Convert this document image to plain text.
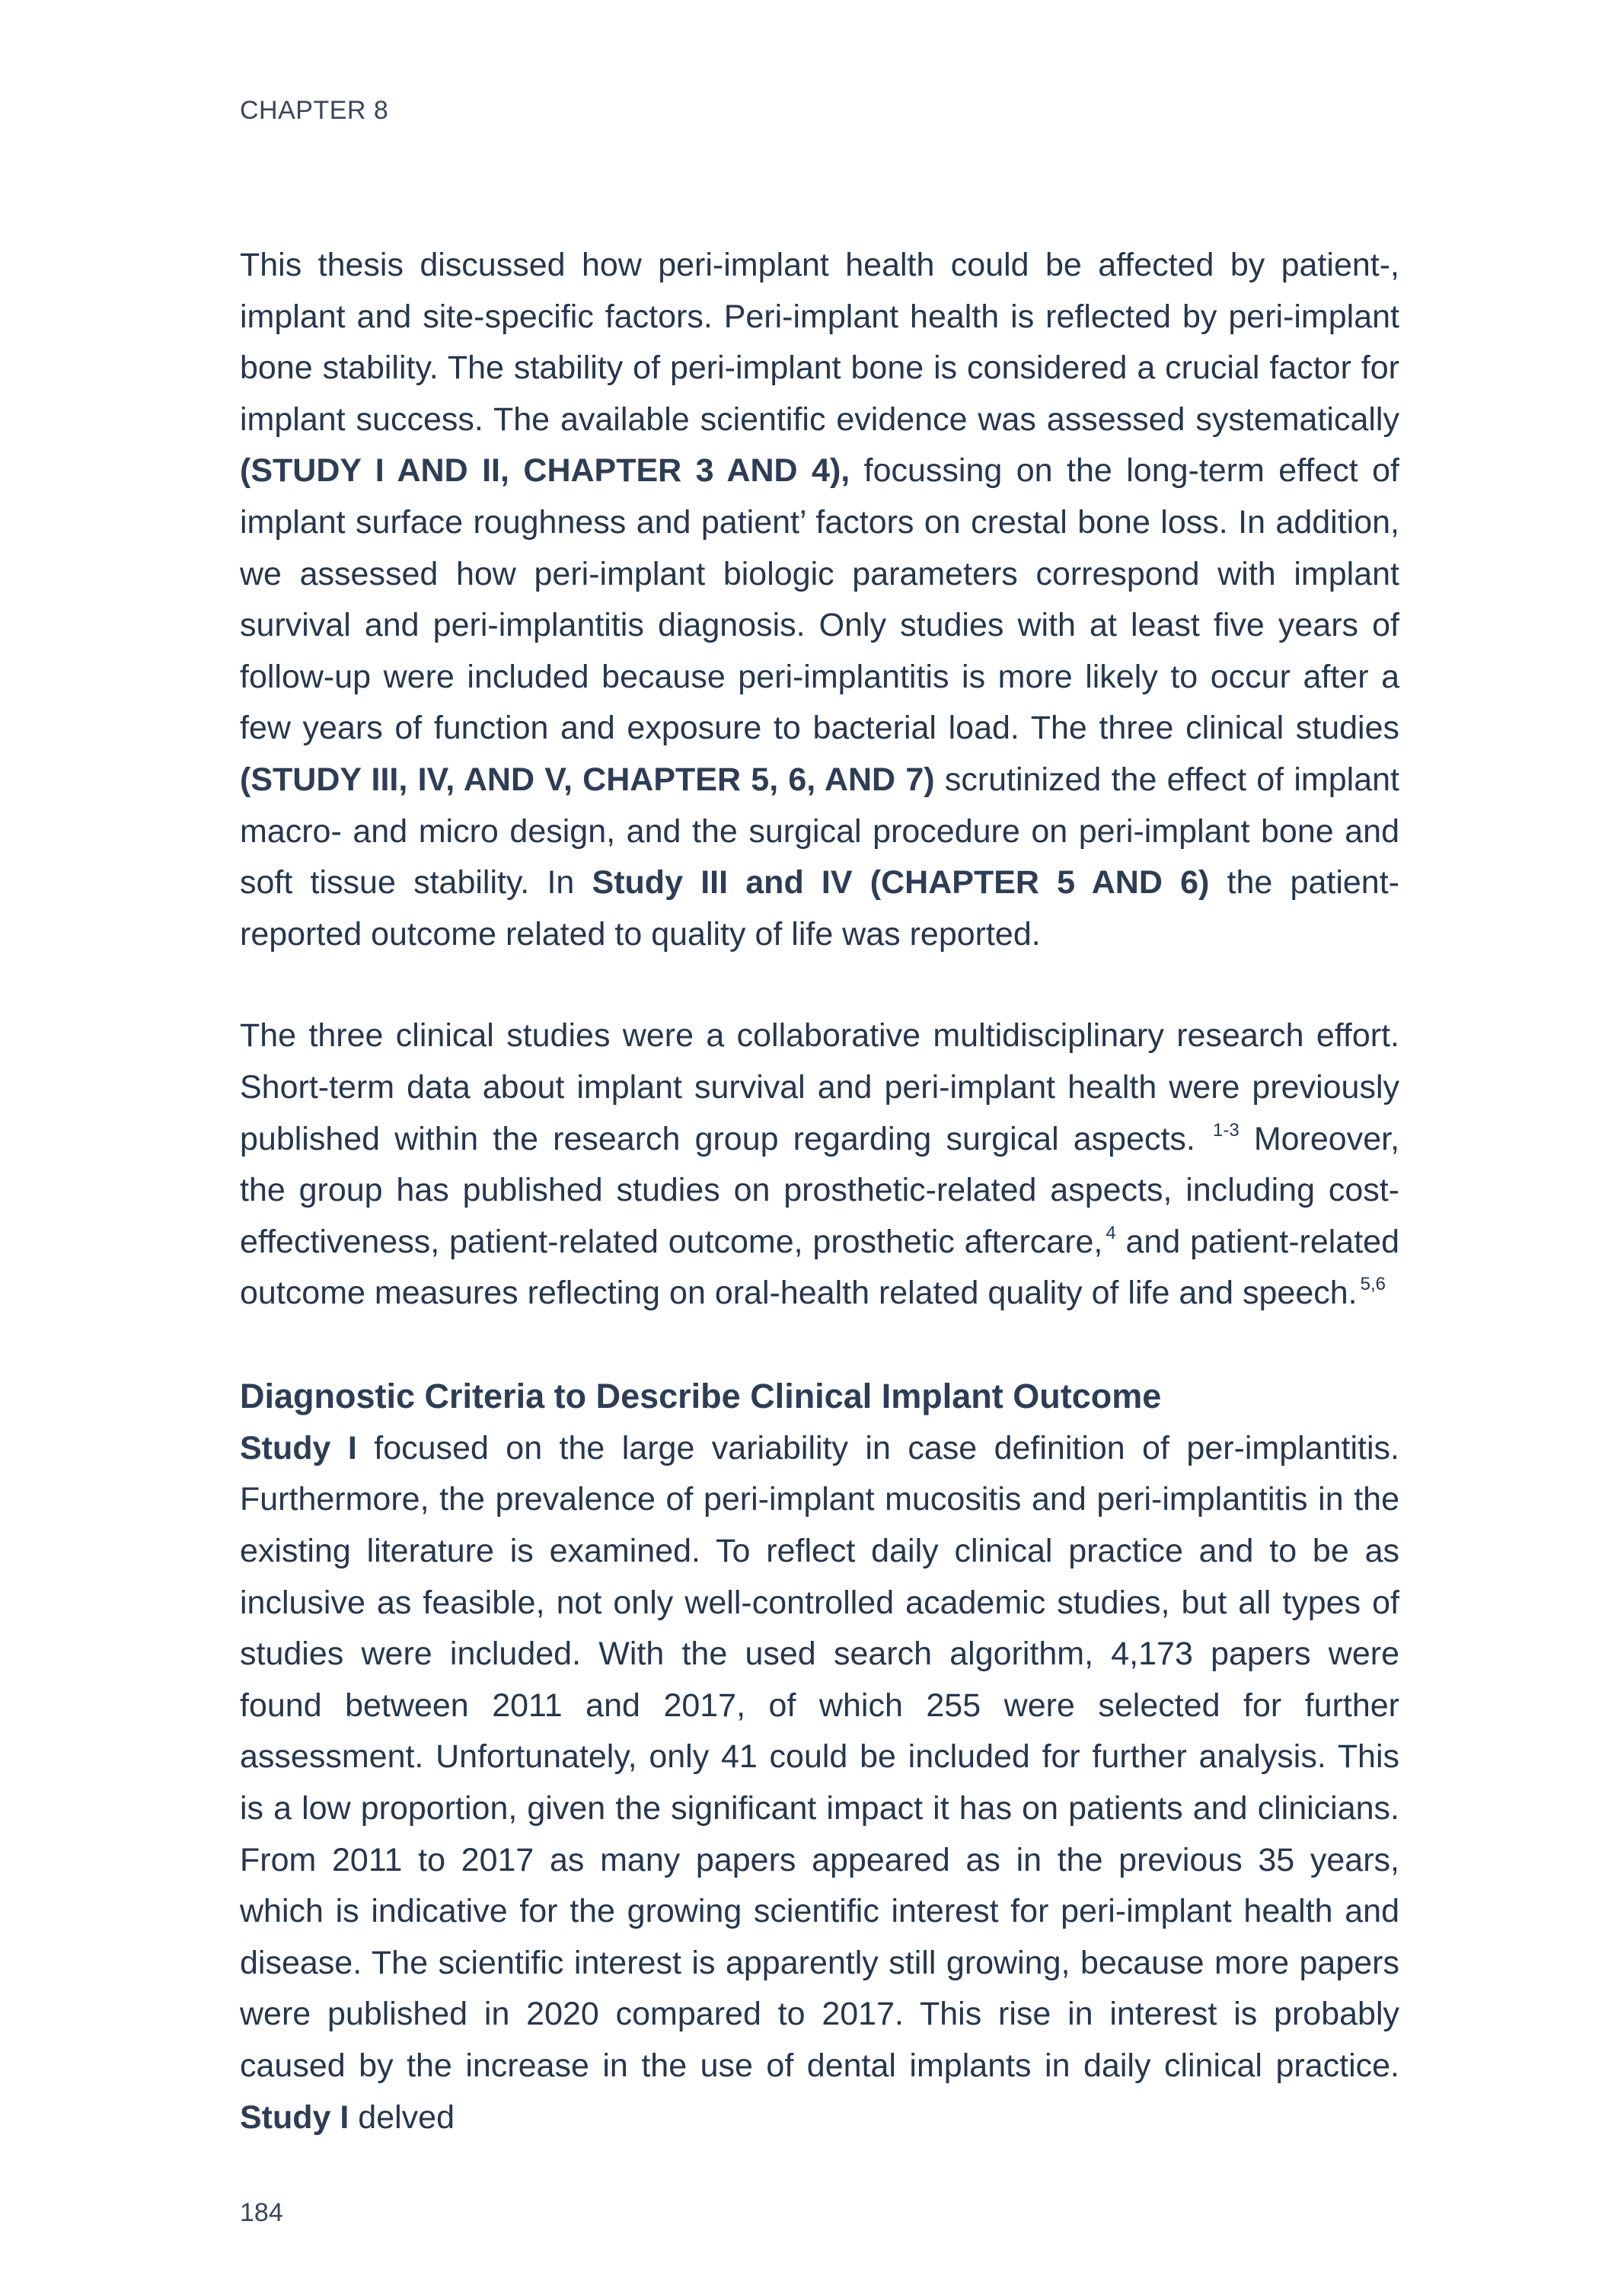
CHAPTER 8

This thesis discussed how peri-implant health could be affected by patient-, implant and site-specific factors. Peri-implant health is reflected by peri-implant bone stability. The stability of peri-implant bone is considered a crucial factor for implant success. The available scientific evidence was assessed systematically (STUDY I AND II, CHAPTER 3 AND 4), focussing on the long-term effect of implant surface roughness and patient’ factors on crestal bone loss. In addition, we assessed how peri-implant biologic parameters correspond with implant survival and peri-implantitis diagnosis. Only studies with at least five years of follow-up were included because peri-implantitis is more likely to occur after a few years of function and exposure to bacterial load. The three clinical studies (STUDY III, IV, AND V, CHAPTER 5, 6, AND 7) scrutinized the effect of implant macro- and micro design, and the surgical procedure on peri-implant bone and soft tissue stability. In Study III and IV (CHAPTER 5 AND 6) the patient-reported outcome related to quality of life was reported.

The three clinical studies were a collaborative multidisciplinary research effort. Short-term data about implant survival and peri-implant health were previously published within the research group regarding surgical aspects. $^{1-3}$ Moreover, the group has published studies on prosthetic-related aspects, including cost-effectiveness, patient-related outcome, prosthetic aftercare, $^4$ and patient-related outcome measures reflecting on oral-health related quality of life and speech. $^{5,6}$

Diagnostic Criteria to Describe Clinical Implant Outcome

Study I focused on the large variability in case definition of per-implantitis. Furthermore, the prevalence of peri-implant mucositis and peri-implantitis in the existing literature is examined. To reflect daily clinical practice and to be as inclusive as feasible, not only well-controlled academic studies, but all types of studies were included. With the used search algorithm, 4,173 papers were found between 2011 and 2017, of which 255 were selected for further assessment. Unfortunately, only 41 could be included for further analysis. This is a low proportion, given the significant impact it has on patients and clinicians. From 2011 to 2017 as many papers appeared as in the previous 35 years, which is indicative for the growing scientific interest for peri-implant health and disease. The scientific interest is apparently still growing, because more papers were published in 2020 compared to 2017. This rise in interest is probably caused by the increase in the use of dental implants in daily clinical practice. Study I delved

184
